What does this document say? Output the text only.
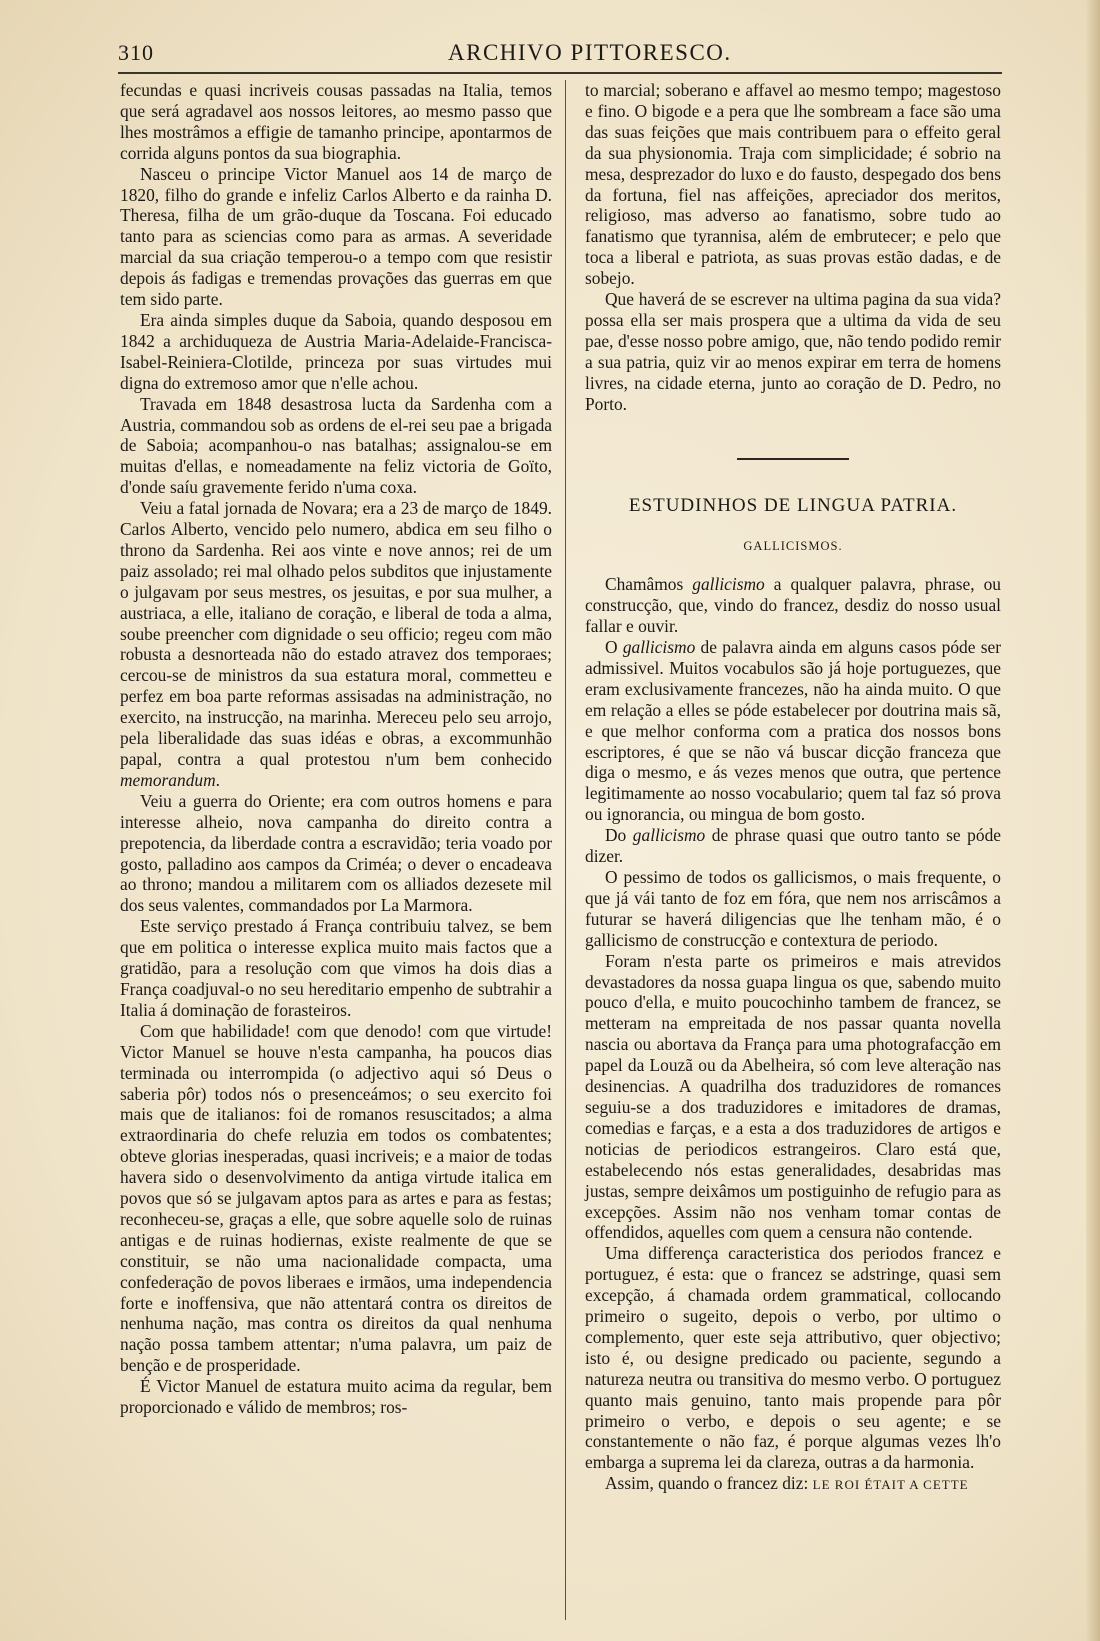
310	ARCHIVO PITTORESCO.

fecundas e quasi incriveis cousas passadas na Italia, temos que será agradavel aos nossos leitores, ao mesmo passo que lhes mostrâmos a effigie de tamanho principe, apontarmos de corrida alguns pontos da sua biographia.

Nasceu o principe Victor Manuel aos 14 de março de 1820, filho do grande e infeliz Carlos Alberto e da rainha D. Theresa, filha de um grão-duque da Toscana. Foi educado tanto para as sciencias como para as armas. A severidade marcial da sua criação temperou-o a tempo com que resistir depois ás fadigas e tremendas provações das guerras em que tem sido parte.

Era ainda simples duque da Saboia, quando desposou em 1842 a archiduqueza de Austria Maria-Adelaide-Francisca-Isabel-Reiniera-Clotilde, princeza por suas virtudes mui digna do extremoso amor que n'elle achou.

Travada em 1848 desastrosa lucta da Sardenha com a Austria, commandou sob as ordens de el-rei seu pae a brigada de Saboia; acompanhou-o nas batalhas; assignalou-se em muitas d'ellas, e nomeadamente na feliz victoria de Goïto, d'onde saíu gravemente ferido n'uma coxa.

Veiu a fatal jornada de Novara; era a 23 de março de 1849. Carlos Alberto, vencido pelo numero, abdica em seu filho o throno da Sardenha. Rei aos vinte e nove annos; rei de um paiz assolado; rei mal olhado pelos subditos que injustamente o julgavam por seus mestres, os jesuitas, e por sua mulher, a austriaca, a elle, italiano de coração, e liberal de toda a alma, soube preencher com dignidade o seu officio; regeu com mão robusta a desnorteada não do estado atravez dos temporaes; cercou-se de ministros da sua estatura moral, commetteu e perfez em boa parte reformas assisadas na administração, no exercito, na instrucção, na marinha. Mereceu pelo seu arrojo, pela liberalidade das suas idéas e obras, a excommunhão papal, contra a qual protestou n'um bem conhecido memorandum.

Veiu a guerra do Oriente; era com outros homens e para interesse alheio, nova campanha do direito contra a prepotencia, da liberdade contra a escravidão; teria voado por gosto, palladino aos campos da Criméa; o dever o encadeava ao throno; mandou a militarem com os alliados dezesete mil dos seus valentes, commandados por La Marmora.

Este serviço prestado á França contribuiu talvez, se bem que em politica o interesse explica muito mais factos que a gratidão, para a resolução com que vimos ha dois dias a França coadjuval-o no seu hereditario empenho de subtrahir a Italia á dominação de forasteiros.

Com que habilidade! com que denodo! com que virtude! Victor Manuel se houve n'esta campanha, ha poucos dias terminada ou interrompida (o adjectivo aqui só Deus o saberia pôr) todos nós o presenceámos; o seu exercito foi mais que de italianos: foi de romanos resuscitados; a alma extraordinaria do chefe reluzia em todos os combatentes; obteve glorias inesperadas, quasi incriveis; e a maior de todas havera sido o desenvolvimento da antiga virtude italica em povos que só se julgavam aptos para as artes e para as festas; reconheceu-se, graças a elle, que sobre aquelle solo de ruinas antigas e de ruinas hodiernas, existe realmente de que se constituir, se não uma nacionalidade compacta, uma confederação de povos liberaes e irmãos, uma independencia forte e inoffensiva, que não attentará contra os direitos de nenhuma nação, mas contra os direitos da qual nenhuma nação possa tambem attentar; n'uma palavra, um paiz de benção e de prosperidade.

É Victor Manuel de estatura muito acima da regular, bem proporcionado e válido de membros; ros-

to marcial; soberano e affavel ao mesmo tempo; magestoso e fino. O bigode e a pera que lhe sombream a face são uma das suas feições que mais contribuem para o effeito geral da sua physionomia. Traja com simplicidade; é sobrio na mesa, desprezador do luxo e do fausto, despegado dos bens da fortuna, fiel nas affeições, apreciador dos meritos, religioso, mas adverso ao fanatismo, sobre tudo ao fanatismo que tyrannisa, além de embrutecer; e pelo que toca a liberal e patriota, as suas provas estão dadas, e de sobejo.

Que haverá de se escrever na ultima pagina da sua vida? possa ella ser mais prospera que a ultima da vida de seu pae, d'esse nosso pobre amigo, que, não tendo podido remir a sua patria, quiz vir ao menos expirar em terra de homens livres, na cidade eterna, junto ao coração de D. Pedro, no Porto.

ESTUDINHOS DE LINGUA PATRIA.
GALLICISMOS.

Chamâmos gallicismo a qualquer palavra, phrase, ou construcção, que, vindo do francez, desdiz do nosso usual fallar e ouvir.

O gallicismo de palavra ainda em alguns casos póde ser admissivel. Muitos vocabulos são já hoje portuguezes, que eram exclusivamente francezes, não ha ainda muito. O que em relação a elles se póde estabelecer por doutrina mais sã, e que melhor conforma com a pratica dos nossos bons escriptores, é que se não vá buscar dicção franceza que diga o mesmo, e ás vezes menos que outra, que pertence legitimamente ao nosso vocabulario; quem tal faz só prova ou ignorancia, ou mingua de bom gosto.

Do gallicismo de phrase quasi que outro tanto se póde dizer.

O pessimo de todos os gallicismos, o mais frequente, o que já vái tanto de foz em fóra, que nem nos arriscâmos a futurar se haverá diligencias que lhe tenham mão, é o gallicismo de construcção e contextura de periodo.

Foram n'esta parte os primeiros e mais atrevidos devastadores da nossa guapa lingua os que, sabendo muito pouco d'ella, e muito poucochinho tambem de francez, se metteram na empreitada de nos passar quanta novella nascia ou abortava da França para uma photografacção em papel da Louzã ou da Abelheira, só com leve alteração nas desinencias. A quadrilha dos traduzidores de romances seguiu-se a dos traduzidores e imitadores de dramas, comedias e farças, e a esta a dos traduzidores de artigos e noticias de periodicos estrangeiros. Claro está que, estabelecendo nós estas generalidades, desabridas mas justas, sempre deixâmos um postiguinho de refugio para as excepções. Assim não nos venham tomar contas de offendidos, aquelles com quem a censura não contende.

Uma differença caracteristica dos periodos francez e portuguez, é esta: que o francez se adstringe, quasi sem excepção, á chamada ordem grammatical, collocando primeiro o sugeito, depois o verbo, por ultimo o complemento, quer este seja attributivo, quer objectivo; isto é, ou designe predicado ou paciente, segundo a natureza neutra ou transitiva do mesmo verbo. O portuguez quanto mais genuino, tanto mais propende para pôr primeiro o verbo, e depois o seu agente; e se constantemente o não faz, é porque algumas vezes lh'o embarga a suprema lei da clareza, outras a da harmonia.

Assim, quando o francez diz: LE ROI ÉTAIT A CETTE
